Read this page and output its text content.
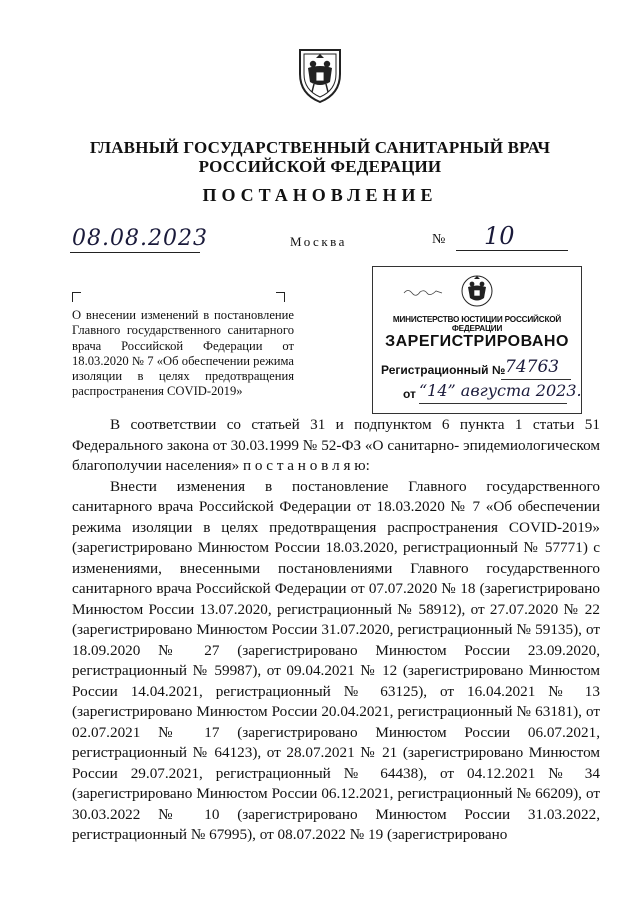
ГЛАВНЫЙ ГОСУДАРСТВЕННЫЙ САНИТАРНЫЙ ВРАЧ
РОССИЙСКОЙ ФЕДЕРАЦИИ
ПОСТАНОВЛЕНИЕ
08.08.2023	Москва	№ 10
О внесении изменений в постановление Главного государственного санитарного врача Российской Федерации от 18.03.2020 № 7 «Об обеспечении режима изоляции в целях предотвращения распространения COVID-2019»
МИНИСТЕРСТВО ЮСТИЦИИ РОССИЙСКОЙ ФЕДЕРАЦИИ
ЗАРЕГИСТРИРОВАНО
Регистрационный № 74763
от “14” августа 2023.

В соответствии со статьей 31 и подпунктом 6 пункта 1 статьи 51 Федерального закона от 30.03.1999 № 52-ФЗ «О санитарно- эпидемиологическом благополучии населения» п о с т а н о в л я ю:

Внести изменения в постановление Главного государственного санитарного врача Российской Федерации от 18.03.2020 № 7 «Об обеспечении режима изоляции в целях предотвращения распространения COVID-2019» (зарегистрировано Минюстом России 18.03.2020, регистрационный № 57771) с изменениями, внесенными постановлениями Главного государственного санитарного врача Российской Федерации от 07.07.2020 № 18 (зарегистрировано Минюстом России 13.07.2020, регистрационный № 58912), от 27.07.2020 № 22 (зарегистрировано Минюстом России 31.07.2020, регистрационный № 59135), от 18.09.2020 № 27 (зарегистрировано Минюстом России 23.09.2020, регистрационный № 59987), от 09.04.2021 № 12 (зарегистрировано Минюстом России 14.04.2021, регистрационный № 63125), от 16.04.2021 № 13 (зарегистрировано Минюстом России 20.04.2021, регистрационный № 63181), от 02.07.2021 № 17 (зарегистрировано Минюстом России 06.07.2021, регистрационный № 64123), от 28.07.2021 № 21 (зарегистрировано Минюстом России 29.07.2021, регистрационный № 64438), от 04.12.2021 № 34 (зарегистрировано Минюстом России 06.12.2021, регистрационный № 66209), от 30.03.2022 № 10 (зарегистрировано Минюстом России 31.03.2022, регистрационный № 67995), от 08.07.2022 № 19 (зарегистрировано
